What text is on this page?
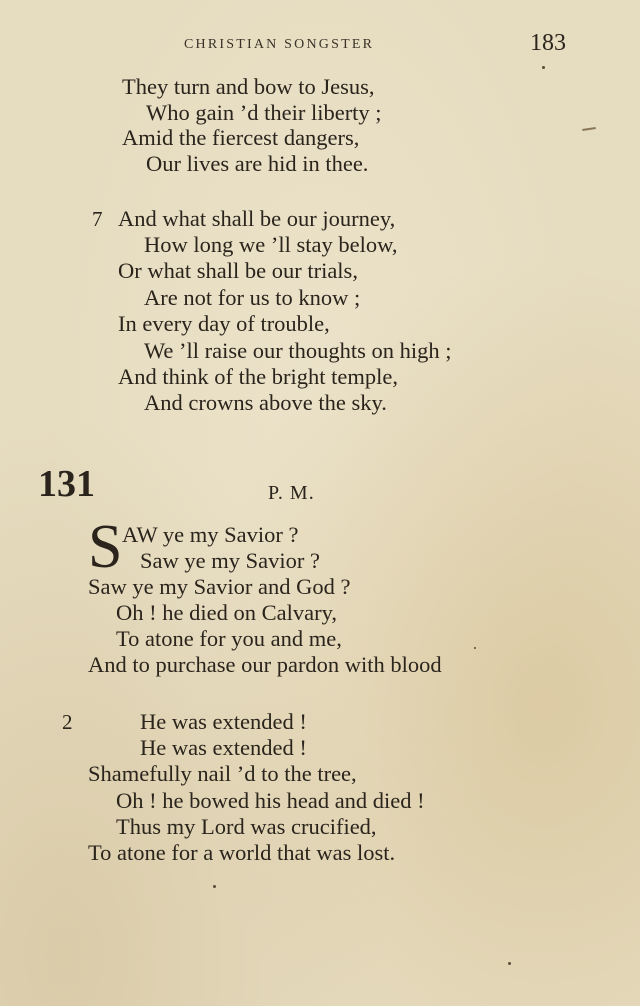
CHRISTIAN SONGSTER	183
They turn and bow to Jesus,
Who gain ’d their liberty ;
Amid the fiercest dangers,
Our lives are hid in thee.
7 And what shall be our journey,
How long we ’ll stay below,
Or what shall be our trials,
Are not for us to know ;
In every day of trouble,
We ’ll raise our thoughts on high ;
And think of the bright temple,
And crowns above the sky.
131	P. M.
S AW ye my Savior ?
Saw ye my Savior ?
Saw ye my Savior and God ?
Oh ! he died on Calvary,
To atone for you and me,
And to purchase our pardon with blood
2	He was extended !
He was extended !
Shamefully nail ’d to the tree,
Oh ! he bowed his head and died !
Thus my Lord was crucified,
To atone for a world that was lost.
